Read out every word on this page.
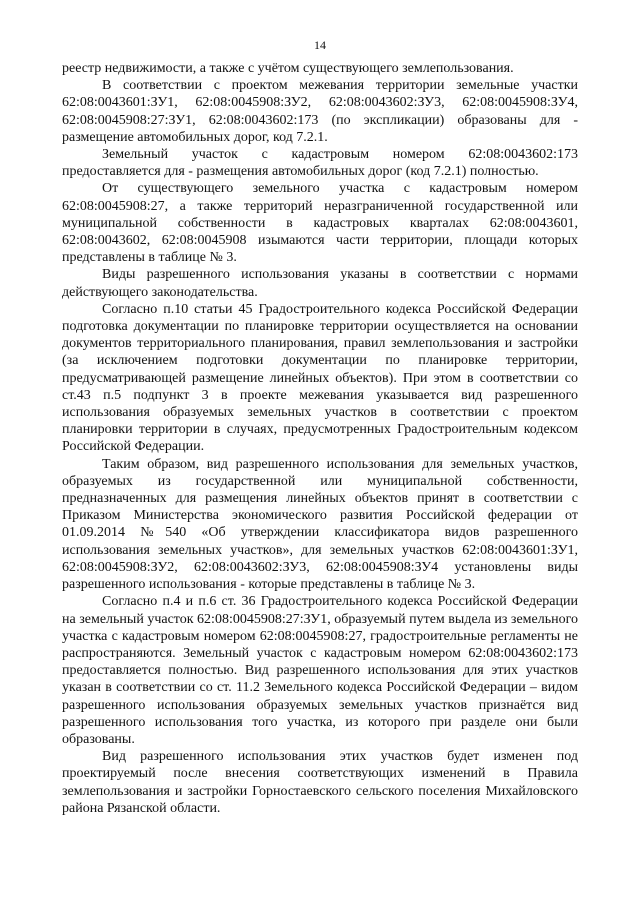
14

реестр недвижимости, а также с учётом существующего землепользования.

В соответствии с проектом межевания территории земельные участки 62:08:0043601:ЗУ1, 62:08:0045908:ЗУ2, 62:08:0043602:ЗУ3, 62:08:0045908:ЗУ4, 62:08:0045908:27:ЗУ1, 62:08:0043602:173 (по экспликации) образованы для - размещение автомобильных дорог, код 7.2.1.

Земельный участок с кадастровым номером 62:08:0043602:173 предоставляется для - размещения автомобильных дорог (код 7.2.1) полностью.

От существующего земельного участка с кадастровым номером 62:08:0045908:27, а также территорий неразграниченной государственной или муниципальной собственности в кадастровых кварталах 62:08:0043601, 62:08:0043602, 62:08:0045908 изымаются части территории, площади которых представлены в таблице № 3.

Виды разрешенного использования указаны в соответствии с нормами действующего законодательства.

Согласно п.10 статьи 45 Градостроительного кодекса Российской Федерации подготовка документации по планировке территории осуществляется на основании документов территориального планирования, правил землепользования и застройки (за исключением подготовки документации по планировке территории, предусматривающей размещение линейных объектов). При этом в соответствии со ст.43 п.5 подпункт 3 в проекте межевания указывается вид разрешенного использования образуемых земельных участков в соответствии с проектом планировки территории в случаях, предусмотренных Градостроительным кодексом Российской Федерации.

Таким образом, вид разрешенного использования для земельных участков, образуемых из государственной или муниципальной собственности, предназначенных для размещения линейных объектов принят в соответствии с Приказом Министерства экономического развития Российской федерации от 01.09.2014 №540 «Об утверждении классификатора видов разрешенного использования земельных участков», для земельных участков 62:08:0043601:ЗУ1, 62:08:0045908:ЗУ2, 62:08:0043602:ЗУ3, 62:08:0045908:ЗУ4 установлены виды разрешенного использования - которые представлены в таблице № 3.

Согласно п.4 и п.6 ст. 36 Градостроительного кодекса Российской Федерации на земельный участок 62:08:0045908:27:ЗУ1, образуемый путем выдела из земельного участка с кадастровым номером 62:08:0045908:27, градостроительные регламенты не распространяются. Земельный участок с кадастровым номером 62:08:0043602:173 предоставляется полностью. Вид разрешенного использования для этих участков указан в соответствии со ст. 11.2 Земельного кодекса Российской Федерации – видом разрешенного использования образуемых земельных участков признаётся вид разрешенного использования того участка, из которого при разделе они были образованы.

Вид разрешенного использования этих участков будет изменен под проектируемый после внесения соответствующих изменений в Правила землепользования и застройки Горностаевского сельского поселения Михайловского района Рязанской области.
